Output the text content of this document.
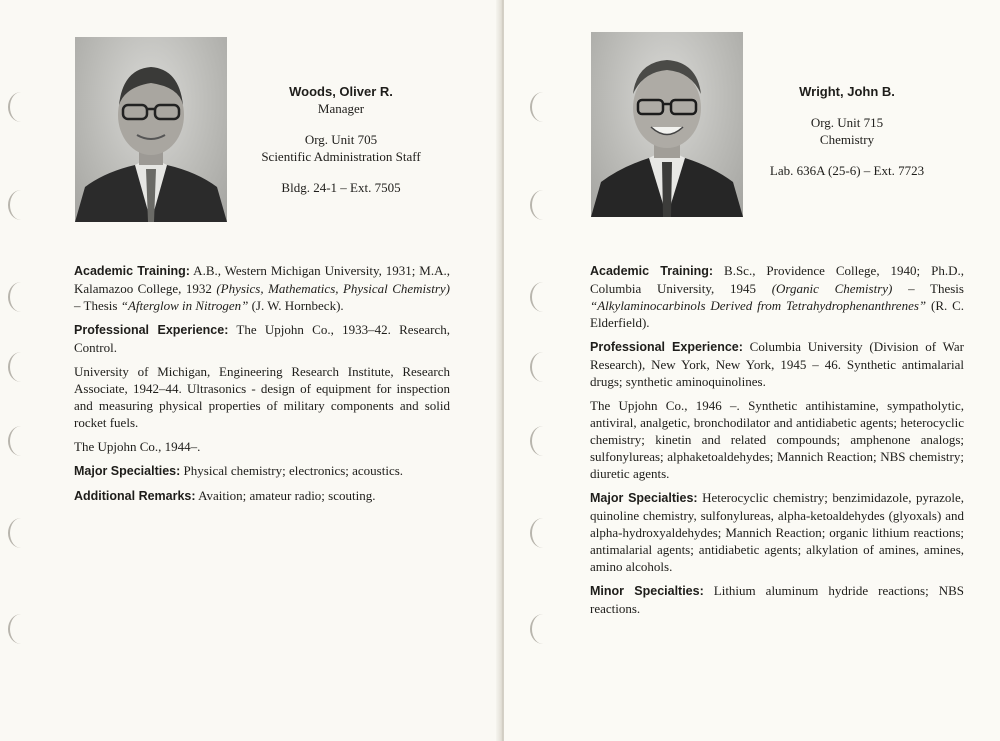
Woods, Oliver R.
Manager
Org. Unit 705
Scientific Administration Staff
Bldg. 24-1 – Ext. 7505

Academic Training: A.B., Western Michigan University, 1931; M.A., Kalamazoo College, 1932 (Physics, Mathematics, Physical Chemistry) – Thesis “Afterglow in Nitrogen” (J. W. Hornbeck).

Professional Experience: The Upjohn Co., 1933–42. Research, Control.

University of Michigan, Engineering Research Institute, Research Associate, 1942–44. Ultrasonics - design of equipment for inspection and measuring physical properties of military components and solid rocket fuels.

The Upjohn Co., 1944–.

Major Specialties: Physical chemistry; electronics; acoustics.

Additional Remarks: Avaition; amateur radio; scouting.

Wright, John B.
Org. Unit 715
Chemistry
Lab. 636A (25-6) – Ext. 7723

Academic Training: B.Sc., Providence College, 1940; Ph.D., Columbia University, 1945 (Organic Chemistry) – Thesis “Alkylaminocarbinols Derived from Tetrahydrophenanthrenes” (R. C. Elderfield).

Professional Experience: Columbia University (Division of War Research), New York, New York, 1945 – 46. Synthetic antimalarial drugs; synthetic aminoquinolines.

The Upjohn Co., 1946 –. Synthetic antihistamine, sympatholytic, antiviral, analgetic, bronchodilator and antidiabetic agents; heterocyclic chemistry; kinetin and related compounds; amphenone analogs; sulfonylureas; alphaketoaldehydes; Mannich Reaction; NBS chemistry; diuretic agents.

Major Specialties: Heterocyclic chemistry; benzimidazole, pyrazole, quinoline chemistry, sulfonylureas, alpha-ketoaldehydes (glyoxals) and alpha-hydroxyaldehydes; Mannich Reaction; organic lithium reactions; antimalarial agents; antidiabetic agents; alkylation of amines, amines, amino alcohols.

Minor Specialties: Lithium aluminum hydride reactions; NBS reactions.
